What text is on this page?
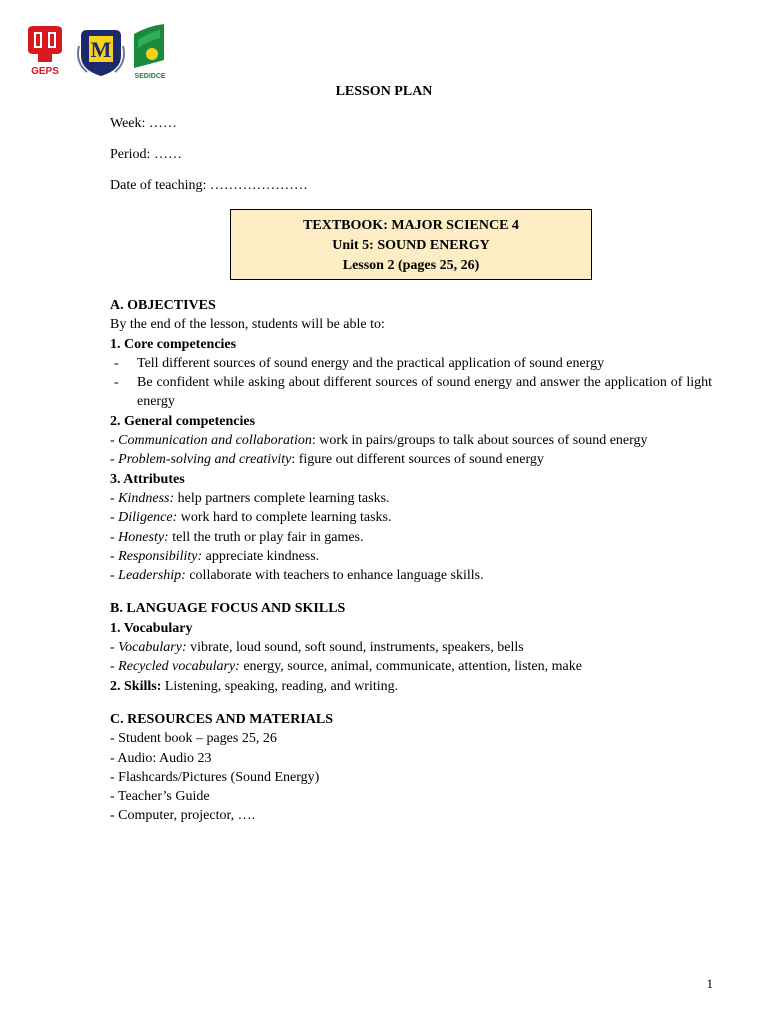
GEPS
M
SEDIDCE
LESSON PLAN
Week: ……
Period: ……
Date of teaching: …………………
TEXTBOOK: MAJOR SCIENCE 4
Unit 5: SOUND ENERGY
Lesson 2 (pages 25, 26)
A. OBJECTIVES
By the end of the lesson, students will be able to:
1. Core competencies
-	Tell different sources of sound energy and the practical application of sound energy
-	Be confident while asking about different sources of sound energy and answer the application of light energy
2. General competencies
- Communication and collaboration: work in pairs/groups to talk about sources of sound energy
- Problem-solving and creativity: figure out different sources of sound energy
3. Attributes
- Kindness: help partners complete learning tasks.
- Diligence: work hard to complete learning tasks.
- Honesty: tell the truth or play fair in games.
- Responsibility: appreciate kindness.
- Leadership: collaborate with teachers to enhance language skills.
B. LANGUAGE FOCUS AND SKILLS
1. Vocabulary
- Vocabulary: vibrate, loud sound, soft sound, instruments, speakers, bells
- Recycled vocabulary: energy, source, animal, communicate, attention, listen, make
2. Skills: Listening, speaking, reading, and writing.
C. RESOURCES AND MATERIALS
- Student book – pages 25, 26
- Audio: Audio 23
- Flashcards/Pictures (Sound Energy)
- Teacher’s Guide
- Computer, projector, ….
1
